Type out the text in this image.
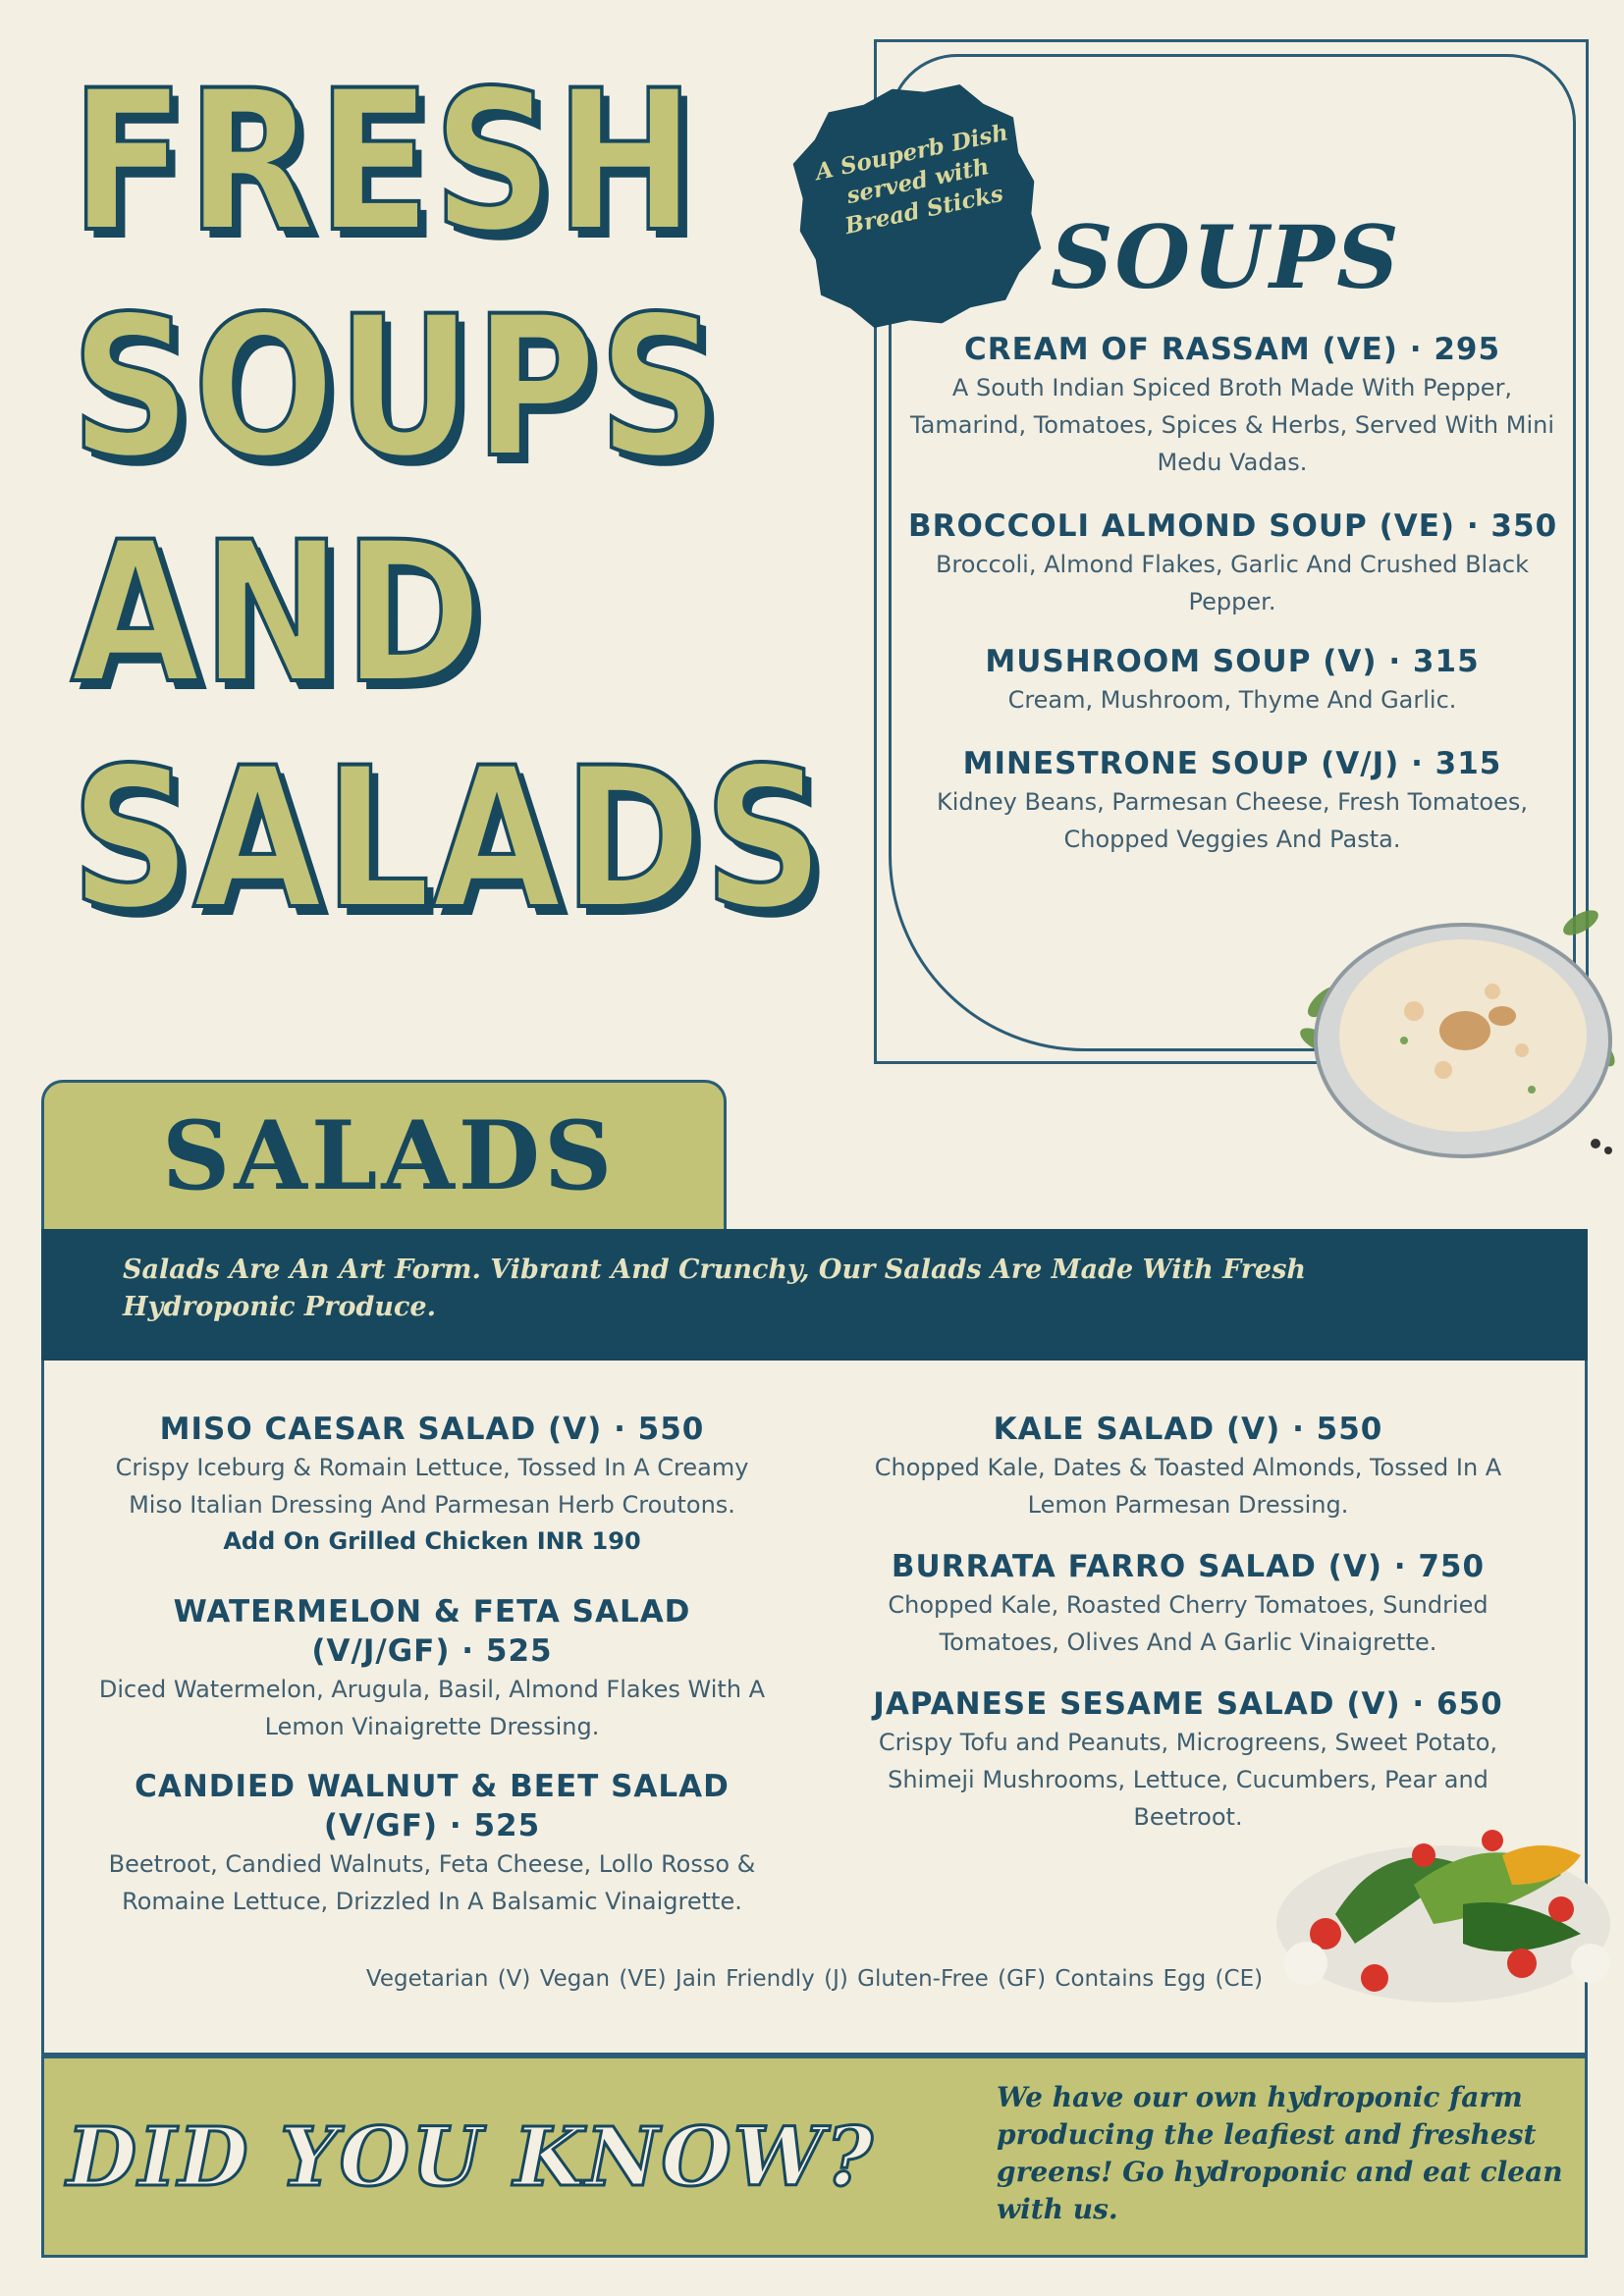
FRESH
SOUPS
AND
SALADS
A Souperb Dish served with Bread Sticks SOUPS
CREAM OF RASSAM (VE) · 295
A South Indian Spiced Broth Made With Pepper, Tamarind, Tomatoes, Spices & Herbs, Served With Mini Medu Vadas.
BROCCOLI ALMOND SOUP (VE) · 350
Broccoli, Almond Flakes, Garlic And Crushed Black Pepper.
MUSHROOM SOUP (V) · 315
Cream, Mushroom, Thyme And Garlic.
MINESTRONE SOUP (V/J) · 315
Kidney Beans, Parmesan Cheese, Fresh Tomatoes, Chopped Veggies And Pasta.
SALADS
Salads Are An Art Form. Vibrant And Crunchy, Our Salads Are Made With Fresh Hydroponic Produce.
MISO CAESAR SALAD (V) · 550
Crispy Iceburg & Romain Lettuce, Tossed In A Creamy Miso Italian Dressing And Parmesan Herb Croutons.
Add On Grilled Chicken INR 190
WATERMELON & FETA SALAD
(V/J/GF) · 525
Diced Watermelon, Arugula, Basil, Almond Flakes With A Lemon Vinaigrette Dressing.
CANDIED WALNUT & BEET SALAD
(V/GF) · 525
Beetroot, Candied Walnuts, Feta Cheese, Lollo Rosso & Romaine Lettuce, Drizzled In A Balsamic Vinaigrette.
KALE SALAD (V) · 550
Chopped Kale, Dates & Toasted Almonds, Tossed In A Lemon Parmesan Dressing.
BURRATA FARRO SALAD (V) · 750
Chopped Kale, Roasted Cherry Tomatoes, Sundried Tomatoes, Olives And A Garlic Vinaigrette.
JAPANESE SESAME SALAD (V) · 650
Crispy Tofu and Peanuts, Microgreens, Sweet Potato, Shimeji Mushrooms, Lettuce, Cucumbers, Pear and Beetroot.
Vegetarian (V) Vegan (VE) Jain Friendly (J) Gluten-Free (GF) Contains Egg (CE)
DID YOU KNOW?
We have our own hydroponic farm producing the leafiest and freshest greens! Go hydroponic and eat clean with us.
